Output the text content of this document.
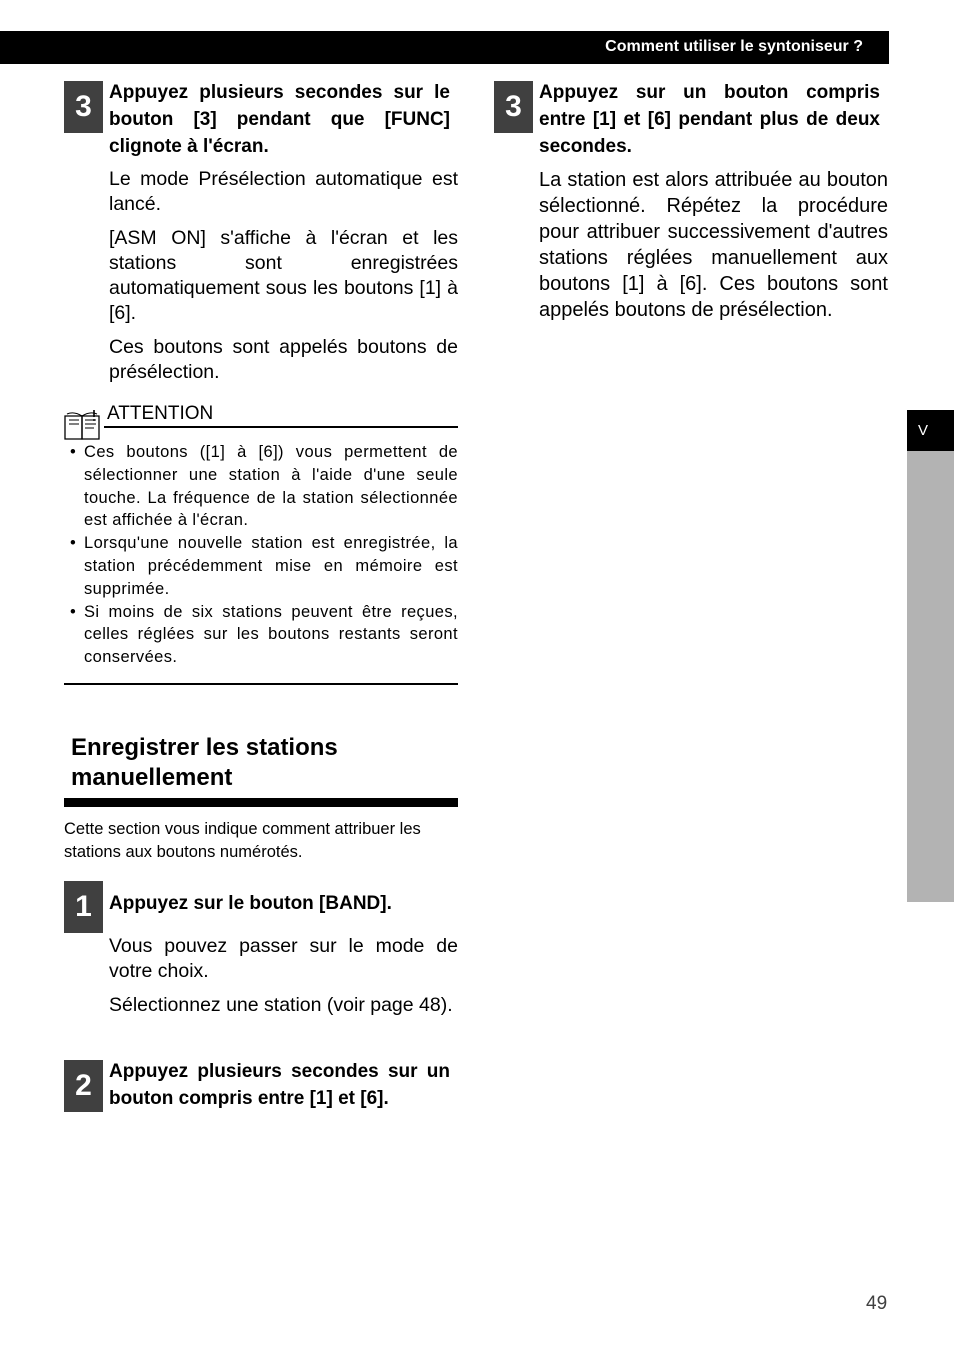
Comment utiliser le syntoniseur ?
3 Appuyez plusieurs secondes sur le bouton [3] pendant que [FUNC] clignote à l'écran.

Le mode Présélection automatique est lancé.

[ASM ON] s'affiche à l'écran et les stations sont enregistrées automatiquement sous les boutons [1] à [6].

Ces boutons sont appelés boutons de présélection.

ATTENTION
• Ces boutons ([1] à [6]) vous permettent de sélectionner une station à l'aide d'une seule touche. La fréquence de la station sélectionnée est affichée à l'écran.
• Lorsqu'une nouvelle station est enregistrée, la station précédemment mise en mémoire est supprimée.
• Si moins de six stations peuvent être reçues, celles réglées sur les boutons restants seront conservées.
Enregistrer les stations manuellement

Cette section vous indique comment attribuer les stations aux boutons numérotés.

1 Appuyez sur le bouton [BAND].

Vous pouvez passer sur le mode de votre choix.

Sélectionnez une station (voir page 48).

2 Appuyez plusieurs secondes sur un bouton compris entre [1] et [6].
3 Appuyez sur un bouton compris entre [1] et [6] pendant plus de deux secondes.

La station est alors attribuée au bouton sélectionné. Répétez la procédure pour attribuer successivement d'autres stations réglées manuellement aux boutons [1] à [6]. Ces boutons sont appelés boutons de présélection.

V
49
